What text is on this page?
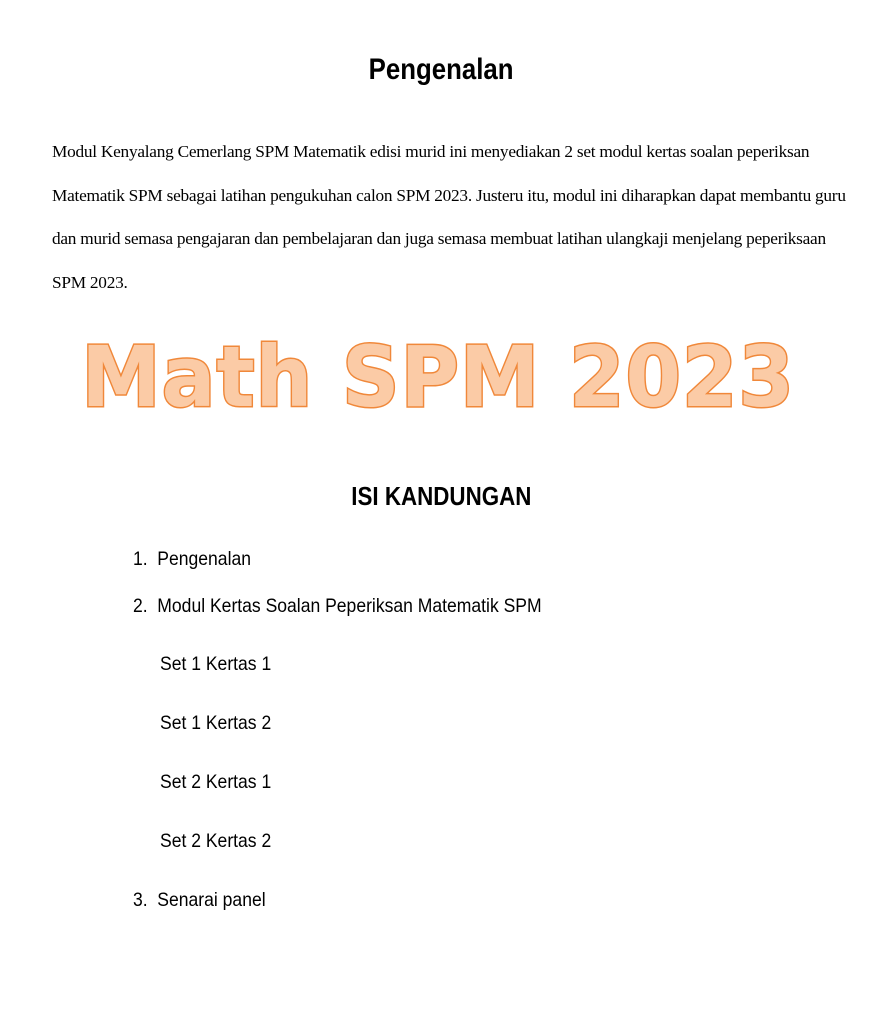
Pengenalan

Modul Kenyalang Cemerlang SPM Matematik edisi murid ini menyediakan 2 set modul kertas soalan peperiksan Matematik SPM sebagai latihan pengukuhan calon SPM 2023. Justeru itu, modul ini diharapkan dapat membantu guru dan murid semasa pengajaran dan pembelajaran dan juga semasa membuat latihan ulangkaji menjelang peperiksaan SPM 2023.

Math SPM 2023
ISI KANDUNGAN
1. Pengenalan
2. Modul Kertas Soalan Peperiksan Matematik SPM
Set 1 Kertas 1
Set 1 Kertas 2
Set 2 Kertas 1
Set 2 Kertas 2
3. Senarai panel
